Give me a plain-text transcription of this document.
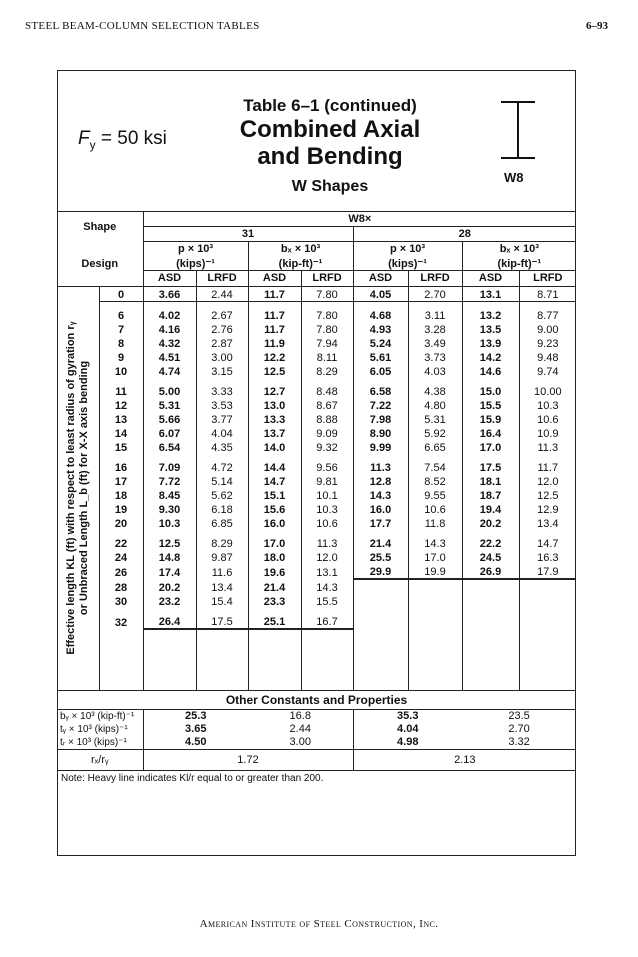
STEEL BEAM-COLUMN SELECTION TABLES	6–93
$F_y = 50$ ksi
Table 6–1 (continued)
Combined Axial
and Bending
W Shapes
W8
Shape		W8×							
		31				28			
Design		p × 10³		bₓ × 10³		p × 10³		bₓ × 10³	
		(kips)⁻¹		(kip-ft)⁻¹		(kips)⁻¹		(kip-ft)⁻¹	
		ASD	LRFD	ASD	LRFD	ASD	LRFD	ASD	LRFD

Effective length KL (ft) with respect to least radius of gyration rᵧ or Unbraced Length L_b (ft) for X-X axis bending	0	3.66	2.44	11.7	7.80	4.05	2.70	13.1	8.71
	6	4.02	2.67	11.7	7.80	4.68	3.11	13.2	8.77
	7	4.16	2.76	11.7	7.80	4.93	3.28	13.5	9.00
	8	4.32	2.87	11.9	7.94	5.24	3.49	13.9	9.23
	9	4.51	3.00	12.2	8.11	5.61	3.73	14.2	9.48
	10	4.74	3.15	12.5	8.29	6.05	4.03	14.6	9.74
	11	5.00	3.33	12.7	8.48	6.58	4.38	15.0	10.00
	12	5.31	3.53	13.0	8.67	7.22	4.80	15.5	10.3
	13	5.66	3.77	13.3	8.88	7.98	5.31	15.9	10.6
	14	6.07	4.04	13.7	9.09	8.90	5.92	16.4	10.9
	15	6.54	4.35	14.0	9.32	9.99	6.65	17.0	11.3
	16	7.09	4.72	14.4	9.56	11.3	7.54	17.5	11.7
	17	7.72	5.14	14.7	9.81	12.8	8.52	18.1	12.0
	18	8.45	5.62	15.1	10.1	14.3	9.55	18.7	12.5
	19	9.30	6.18	15.6	10.3	16.0	10.6	19.4	12.9
	20	10.3	6.85	16.0	10.6	17.7	11.8	20.2	13.4
	22	12.5	8.29	17.0	11.3	21.4	14.3	22.2	14.7
	24	14.8	9.87	18.0	12.0	25.5	17.0	24.5	16.3
	26	17.4	11.6	19.6	13.1	29.9	19.9	26.9	17.9
	28	20.2	13.4	21.4	14.3				
	30	23.2	15.4	23.3	15.5				
	32	26.4	17.5	25.1	16.7				

Other Constants and Properties									
bᵧ × 10³ (kip-ft)⁻¹		25.3		16.8		35.3		23.5	
tᵧ × 10³ (kips)⁻¹		3.65		2.44		4.04		2.70	
tᵣ × 10³ (kips)⁻¹		4.50		3.00		4.98		3.32	
rₓ/rᵧ		1.72				2.13			
Note: Heavy line indicates Kl/r equal to or greater than 200.									
American Institute of Steel Construction, Inc.
